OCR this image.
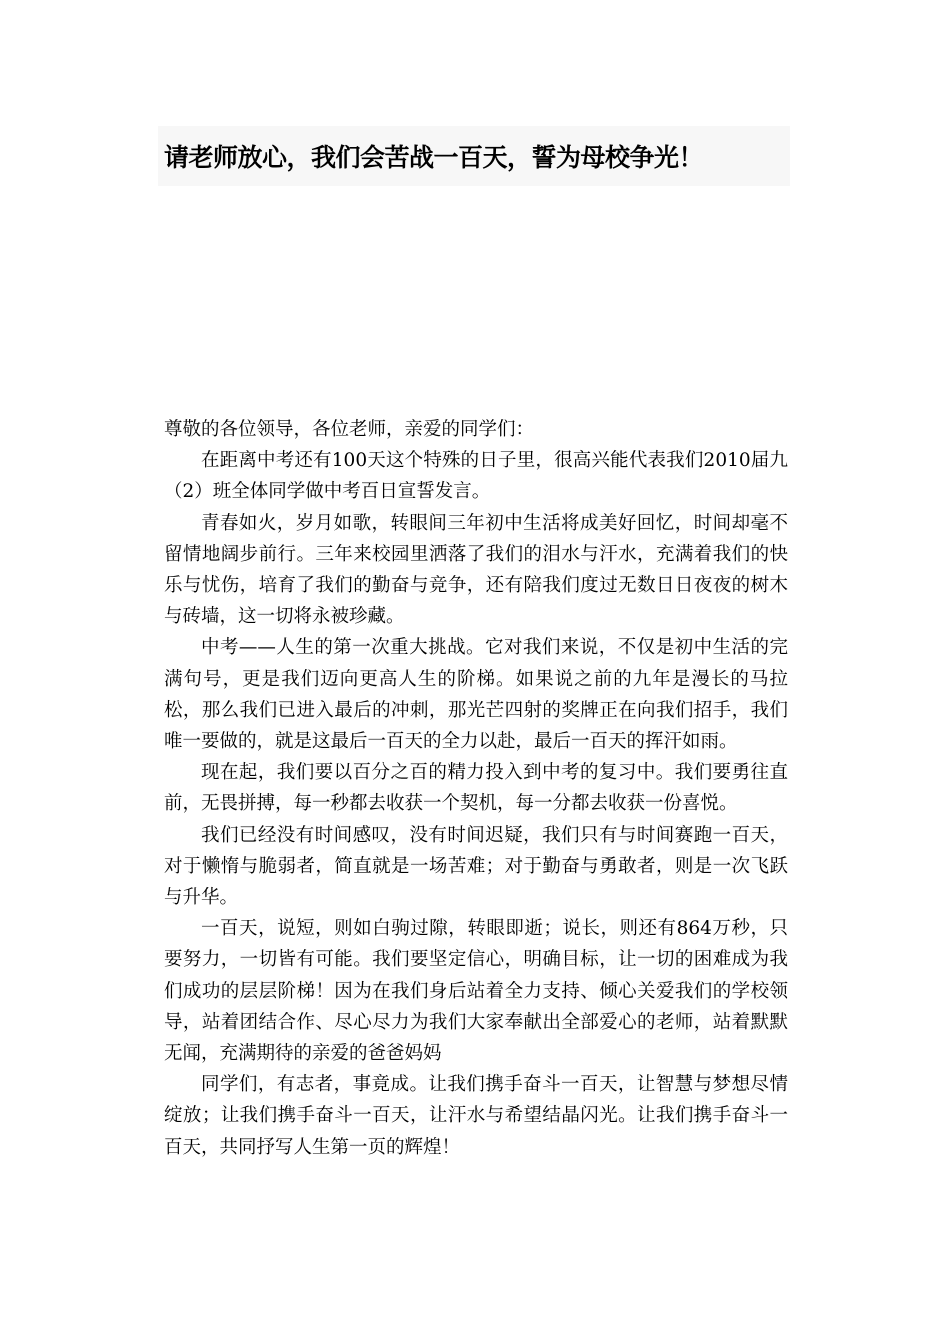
请老师放心，我们会苦战一百天，誓为母校争光！

尊敬的各位领导，各位老师，亲爱的同学们：

在距离中考还有100天这个特殊的日子里，很高兴能代表我们2010届九（2）班全体同学做中考百日宣誓发言。

青春如火，岁月如歌，转眼间三年初中生活将成美好回忆，时间却毫不留情地阔步前行。三年来校园里洒落了我们的泪水与汗水，充满着我们的快乐与忧伤，培育了我们的勤奋与竞争，还有陪我们度过无数日日夜夜的树木与砖墙，这一切将永被珍藏。

中考——人生的第一次重大挑战。它对我们来说，不仅是初中生活的完满句号，更是我们迈向更高人生的阶梯。如果说之前的九年是漫长的马拉松，那么我们已进入最后的冲刺，那光芒四射的奖牌正在向我们招手，我们唯一要做的，就是这最后一百天的全力以赴，最后一百天的挥汗如雨。

现在起，我们要以百分之百的精力投入到中考的复习中。我们要勇往直前，无畏拼搏，每一秒都去收获一个契机，每一分都去收获一份喜悦。

我们已经没有时间感叹，没有时间迟疑，我们只有与时间赛跑一百天，对于懒惰与脆弱者，简直就是一场苦难；对于勤奋与勇敢者，则是一次飞跃与升华。

一百天，说短，则如白驹过隙，转眼即逝；说长，则还有864万秒，只要努力，一切皆有可能。我们要坚定信心，明确目标，让一切的困难成为我们成功的层层阶梯！因为在我们身后站着全力支持、倾心关爱我们的学校领导，站着团结合作、尽心尽力为我们大家奉献出全部爱心的老师，站着默默无闻，充满期待的亲爱的爸爸妈妈

同学们，有志者，事竟成。让我们携手奋斗一百天，让智慧与梦想尽情绽放；让我们携手奋斗一百天，让汗水与希望结晶闪光。让我们携手奋斗一百天，共同抒写人生第一页的辉煌！
